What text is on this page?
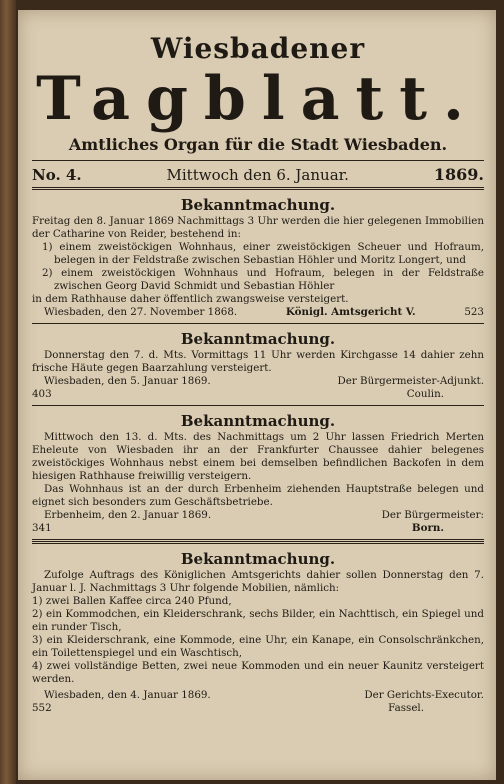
Wiesbadener
Tagblatt.
Amtliches Organ für die Stadt Wiesbaden.
No. 4.	Mittwoch den 6. Januar.	1869.
Bekanntmachung.

Freitag den 8. Januar 1869 Nachmittags 3 Uhr werden die hier gelegenen Immobilien der Catharine von Reider, bestehend in:

1) einem zweistöckigen Wohnhaus, einer zweistöckigen Scheuer und Hofraum, belegen in der Feldstraße zwischen Sebastian Höhler und Moritz Longert, und

2) einem zweistöckigen Wohnhaus und Hofraum, belegen in der Feldstraße zwischen Georg David Schmidt und Sebastian Höhler

in dem Rathhause daher öffentlich zwangsweise versteigert.

Wiesbaden, den 27. November 1868.	Königl. Amtsgericht V.	523
Bekanntmachung.

Donnerstag den 7. d. Mts. Vormittags 11 Uhr werden Kirchgasse 14 dahier zehn frische Häute gegen Baarzahlung versteigert.

Wiesbaden, den 5. Januar 1869.	Der Bürgermeister-Adjunkt.
403	Coulin.
Bekanntmachung.

Mittwoch den 13. d. Mts. des Nachmittags um 2 Uhr lassen Friedrich Merten Eheleute von Wiesbaden ihr an der Frankfurter Chaussee dahier belegenes zweistöckiges Wohnhaus nebst einem bei demselben befindlichen Backofen in dem hiesigen Rathhause freiwillig versteigern.

Das Wohnhaus ist an der durch Erbenheim ziehenden Hauptstraße belegen und eignet sich besonders zum Geschäftsbetriebe.

Erbenheim, den 2. Januar 1869.	Der Bürgermeister:
341	Born.
Bekanntmachung.

Zufolge Auftrags des Königlichen Amtsgerichts dahier sollen Donnerstag den 7. Januar l. J. Nachmittags 3 Uhr folgende Mobilien, nämlich:

1) zwei Ballen Kaffee circa 240 Pfund,

2) ein Kommodchen, ein Kleiderschrank, sechs Bilder, ein Nachttisch, ein Spiegel und ein runder Tisch,

3) ein Kleiderschrank, eine Kommode, eine Uhr, ein Kanape, ein Consolschränkchen, ein Toilettenspiegel und ein Waschtisch,

4) zwei vollständige Betten, zwei neue Kommoden und ein neuer Kaunitz versteigert werden.

Wiesbaden, den 4. Januar 1869.	Der Gerichts-Executor.
552	Fassel.
